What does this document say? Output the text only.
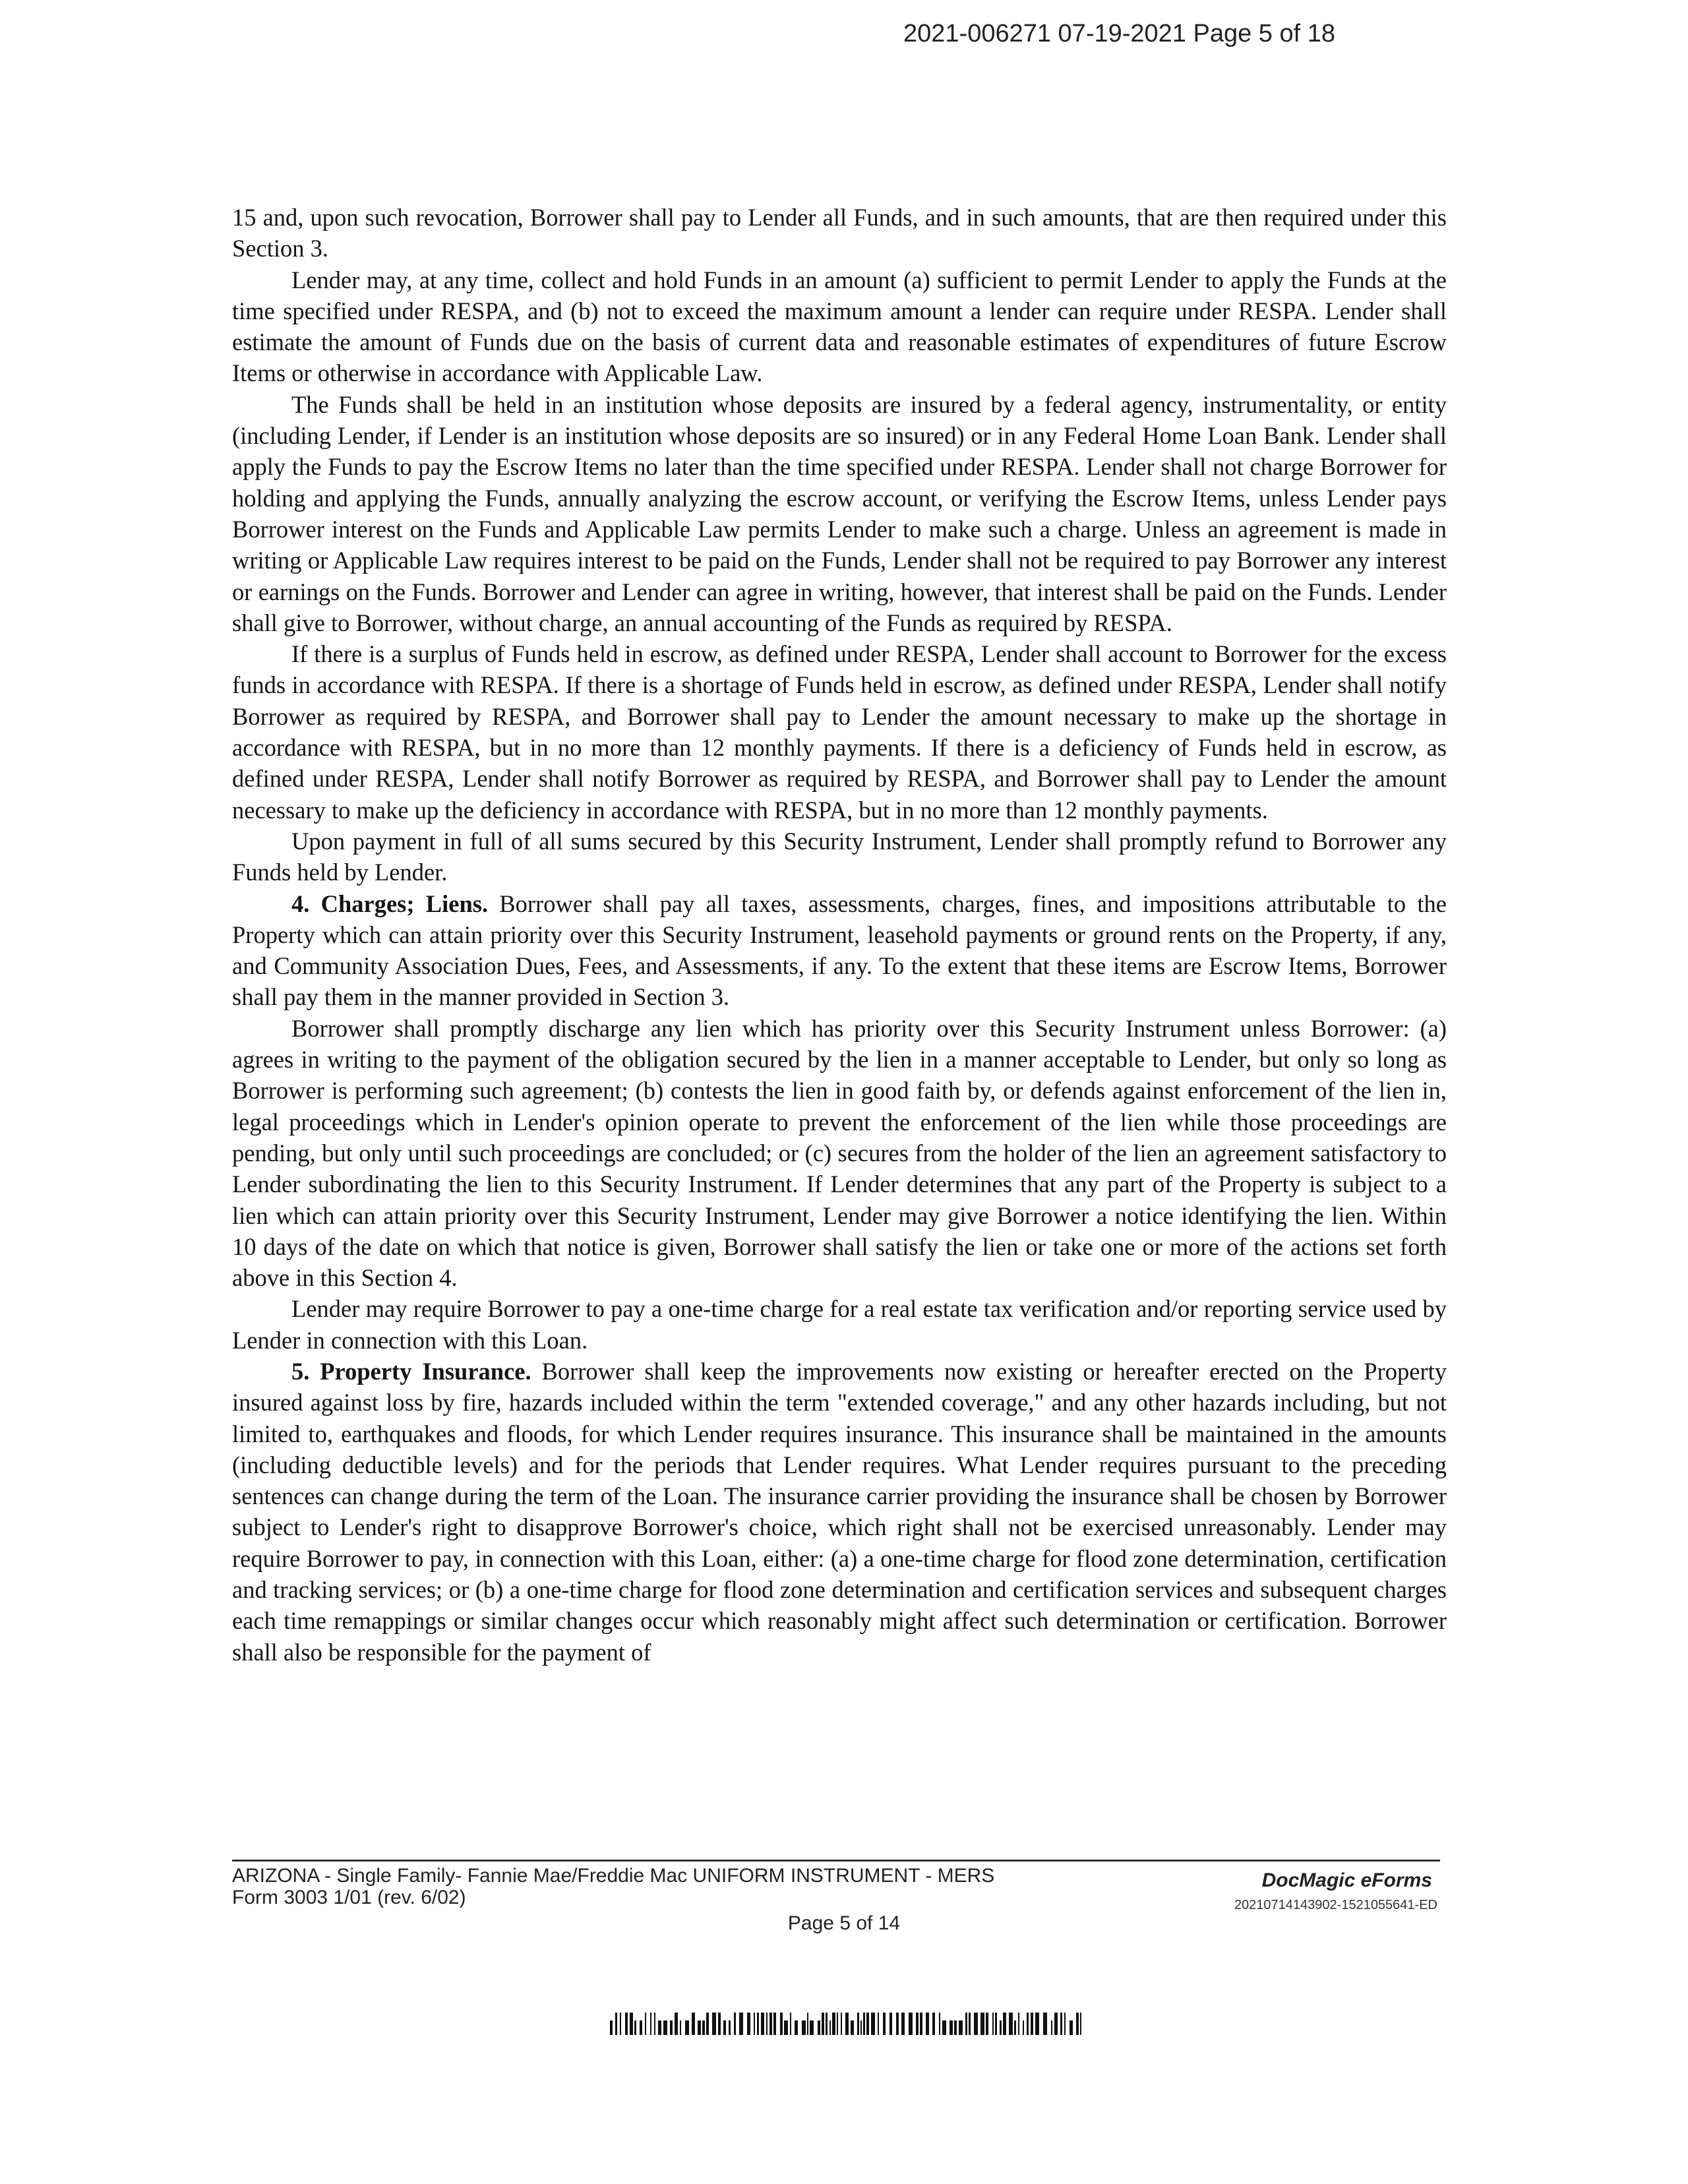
2021-006271 07-19-2021 Page 5 of 18

15 and, upon such revocation, Borrower shall pay to Lender all Funds, and in such amounts, that are then required under this Section 3.

Lender may, at any time, collect and hold Funds in an amount (a) sufficient to permit Lender to apply the Funds at the time specified under RESPA, and (b) not to exceed the maximum amount a lender can require under RESPA. Lender shall estimate the amount of Funds due on the basis of current data and reasonable estimates of expenditures of future Escrow Items or otherwise in accordance with Applicable Law.

The Funds shall be held in an institution whose deposits are insured by a federal agency, instrumentality, or entity (including Lender, if Lender is an institution whose deposits are so insured) or in any Federal Home Loan Bank. Lender shall apply the Funds to pay the Escrow Items no later than the time specified under RESPA. Lender shall not charge Borrower for holding and applying the Funds, annually analyzing the escrow account, or verifying the Escrow Items, unless Lender pays Borrower interest on the Funds and Applicable Law permits Lender to make such a charge. Unless an agreement is made in writing or Applicable Law requires interest to be paid on the Funds, Lender shall not be required to pay Borrower any interest or earnings on the Funds. Borrower and Lender can agree in writing, however, that interest shall be paid on the Funds. Lender shall give to Borrower, without charge, an annual accounting of the Funds as required by RESPA.

If there is a surplus of Funds held in escrow, as defined under RESPA, Lender shall account to Borrower for the excess funds in accordance with RESPA. If there is a shortage of Funds held in escrow, as defined under RESPA, Lender shall notify Borrower as required by RESPA, and Borrower shall pay to Lender the amount necessary to make up the shortage in accordance with RESPA, but in no more than 12 monthly payments. If there is a deficiency of Funds held in escrow, as defined under RESPA, Lender shall notify Borrower as required by RESPA, and Borrower shall pay to Lender the amount necessary to make up the deficiency in accordance with RESPA, but in no more than 12 monthly payments.

Upon payment in full of all sums secured by this Security Instrument, Lender shall promptly refund to Borrower any Funds held by Lender.

4. Charges; Liens. Borrower shall pay all taxes, assessments, charges, fines, and impositions attributable to the Property which can attain priority over this Security Instrument, leasehold payments or ground rents on the Property, if any, and Community Association Dues, Fees, and Assessments, if any. To the extent that these items are Escrow Items, Borrower shall pay them in the manner provided in Section 3.

Borrower shall promptly discharge any lien which has priority over this Security Instrument unless Borrower: (a) agrees in writing to the payment of the obligation secured by the lien in a manner acceptable to Lender, but only so long as Borrower is performing such agreement; (b) contests the lien in good faith by, or defends against enforcement of the lien in, legal proceedings which in Lender's opinion operate to prevent the enforcement of the lien while those proceedings are pending, but only until such proceedings are concluded; or (c) secures from the holder of the lien an agreement satisfactory to Lender subordinating the lien to this Security Instrument. If Lender determines that any part of the Property is subject to a lien which can attain priority over this Security Instrument, Lender may give Borrower a notice identifying the lien. Within 10 days of the date on which that notice is given, Borrower shall satisfy the lien or take one or more of the actions set forth above in this Section 4.

Lender may require Borrower to pay a one-time charge for a real estate tax verification and/or reporting service used by Lender in connection with this Loan.

5. Property Insurance. Borrower shall keep the improvements now existing or hereafter erected on the Property insured against loss by fire, hazards included within the term "extended coverage," and any other hazards including, but not limited to, earthquakes and floods, for which Lender requires insurance. This insurance shall be maintained in the amounts (including deductible levels) and for the periods that Lender requires. What Lender requires pursuant to the preceding sentences can change during the term of the Loan. The insurance carrier providing the insurance shall be chosen by Borrower subject to Lender's right to disapprove Borrower's choice, which right shall not be exercised unreasonably. Lender may require Borrower to pay, in connection with this Loan, either: (a) a one-time charge for flood zone determination, certification and tracking services; or (b) a one-time charge for flood zone determination and certification services and subsequent charges each time remappings or similar changes occur which reasonably might affect such determination or certification. Borrower shall also be responsible for the payment of

ARIZONA - Single Family- Fannie Mae/Freddie Mac UNIFORM INSTRUMENT - MERS
Form 3003 1/01 (rev. 6/02)
Page 5 of 14
DocMagic eForms
20210714143902-1521055641-ED
